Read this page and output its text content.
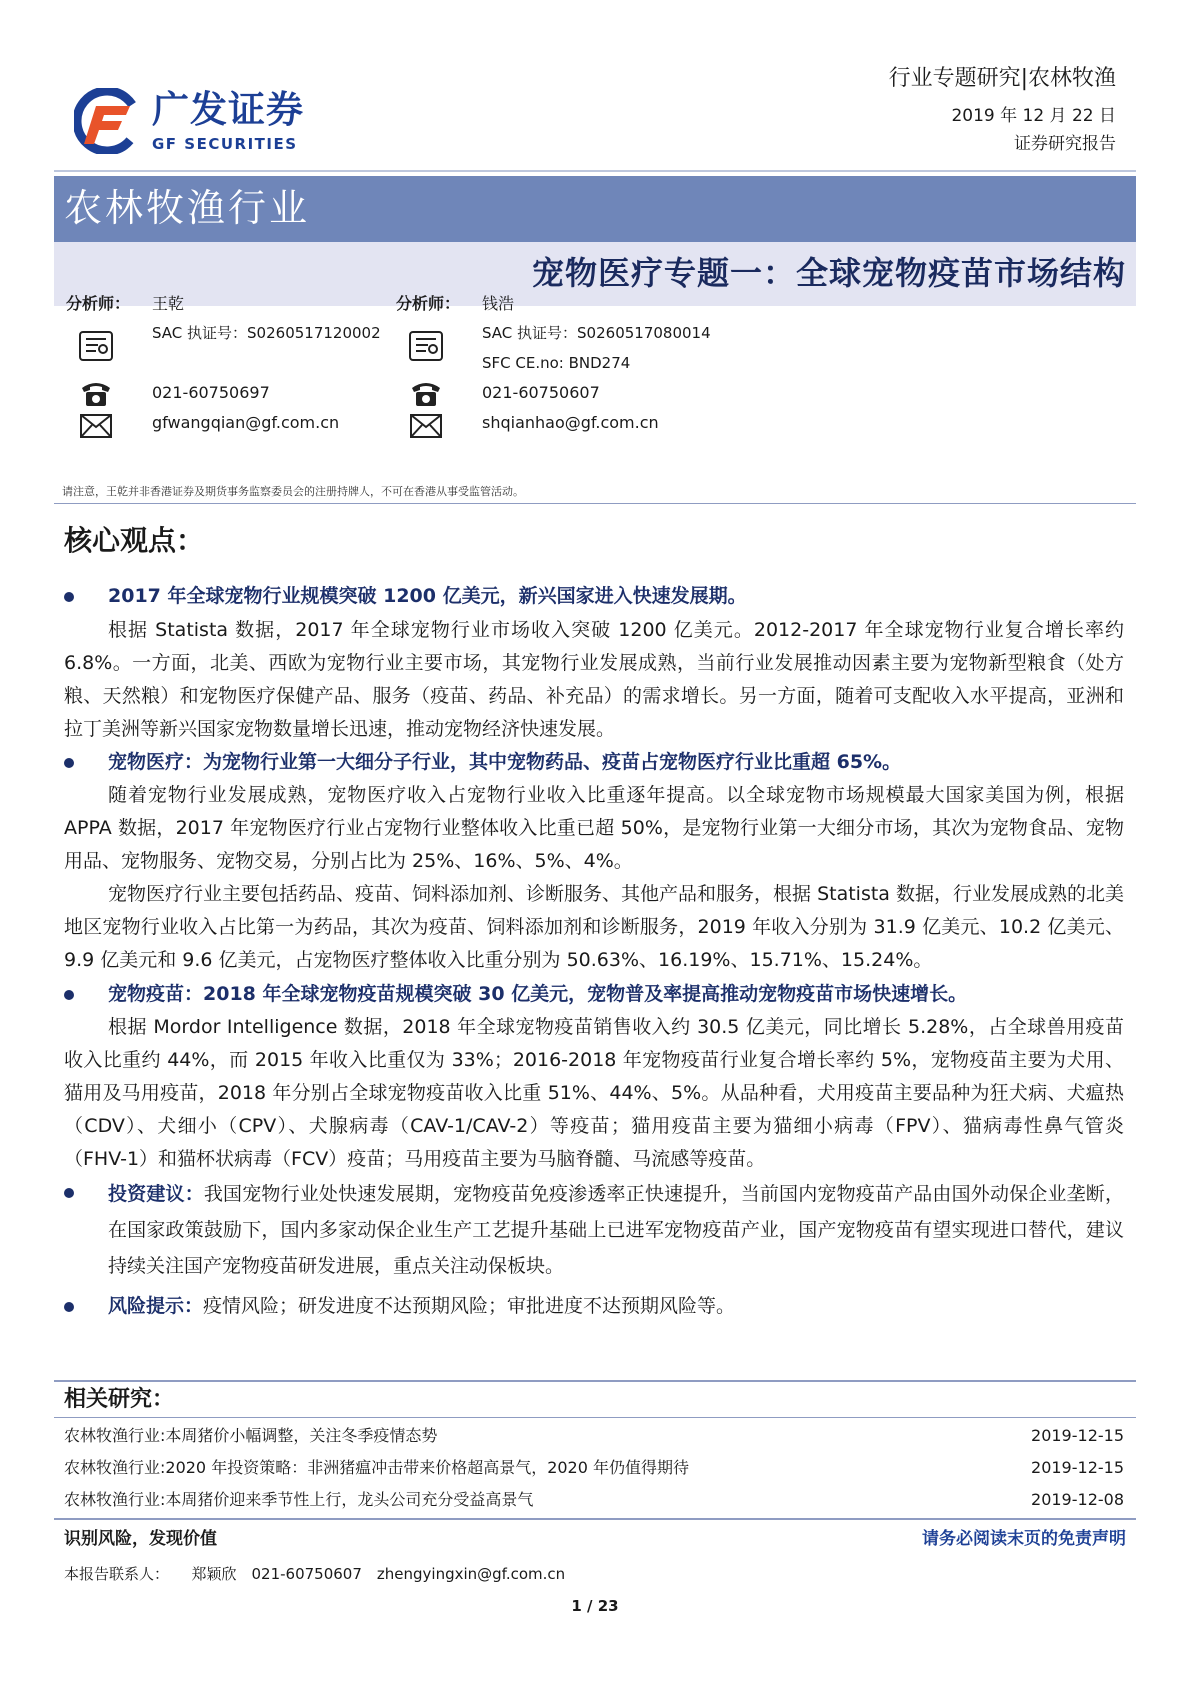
广发证券
GF SECURITIES
行业专题研究|农林牧渔
2019 年 12 月 22 日
证券研究报告
农林牧渔行业
宠物医疗专题一：全球宠物疫苗市场结构
分析师： 王乾
SAC 执证号：S0260517120002
021-60750697
gfwangqian@gf.com.cn
分析师： 钱浩
SAC 执证号：S0260517080014
SFC CE.no: BND274
021-60750607
shqianhao@gf.com.cn
请注意，王乾并非香港证券及期货事务监察委员会的注册持牌人，不可在香港从事受监管活动。
核心观点：
2017 年全球宠物行业规模突破 1200 亿美元，新兴国家进入快速发展期。
根据 Statista 数据，2017 年全球宠物行业市场收入突破 1200 亿美元。2012-2017 年全球宠物行业复合增长率约 6.8%。一方面，北美、西欧为宠物行业主要市场，其宠物行业发展成熟，当前行业发展推动因素主要为宠物新型粮食（处方粮、天然粮）和宠物医疗保健产品、服务（疫苗、药品、补充品）的需求增长。另一方面，随着可支配收入水平提高，亚洲和拉丁美洲等新兴国家宠物数量增长迅速，推动宠物经济快速发展。
宠物医疗：为宠物行业第一大细分子行业，其中宠物药品、疫苗占宠物医疗行业比重超 65%。
随着宠物行业发展成熟，宠物医疗收入占宠物行业收入比重逐年提高。以全球宠物市场规模最大国家美国为例，根据 APPA 数据，2017 年宠物医疗行业占宠物行业整体收入比重已超 50%，是宠物行业第一大细分市场，其次为宠物食品、宠物用品、宠物服务、宠物交易，分别占比为 25%、16%、5%、4%。
宠物医疗行业主要包括药品、疫苗、饲料添加剂、诊断服务、其他产品和服务，根据 Statista 数据，行业发展成熟的北美地区宠物行业收入占比第一为药品，其次为疫苗、饲料添加剂和诊断服务，2019 年收入分别为 31.9 亿美元、10.2 亿美元、9.9 亿美元和 9.6 亿美元，占宠物医疗整体收入比重分别为 50.63%、16.19%、15.71%、15.24%。
宠物疫苗：2018 年全球宠物疫苗规模突破 30 亿美元，宠物普及率提高推动宠物疫苗市场快速增长。
根据 Mordor Intelligence 数据，2018 年全球宠物疫苗销售收入约 30.5 亿美元，同比增长 5.28%，占全球兽用疫苗收入比重约 44%，而 2015 年收入比重仅为 33%；2016-2018 年宠物疫苗行业复合增长率约 5%，宠物疫苗主要为犬用、猫用及马用疫苗，2018 年分别占全球宠物疫苗收入比重 51%、44%、5%。从品种看，犬用疫苗主要品种为狂犬病、犬瘟热（CDV）、犬细小（CPV）、犬腺病毒（CAV-1/CAV-2）等疫苗；猫用疫苗主要为猫细小病毒（FPV）、猫病毒性鼻气管炎（FHV-1）和猫杯状病毒（FCV）疫苗；马用疫苗主要为马脑脊髓、马流感等疫苗。
投资建议：我国宠物行业处快速发展期，宠物疫苗免疫渗透率正快速提升，当前国内宠物疫苗产品由国外动保企业垄断，在国家政策鼓励下，国内多家动保企业生产工艺提升基础上已进军宠物疫苗产业，国产宠物疫苗有望实现进口替代，建议持续关注国产宠物疫苗研发进展，重点关注动保板块。
风险提示：疫情风险；研发进度不达预期风险；审批进度不达预期风险等。
相关研究：
农林牧渔行业:本周猪价小幅调整，关注冬季疫情态势	2019-12-15
农林牧渔行业:2020 年投资策略：非洲猪瘟冲击带来价格超高景气，2020 年仍值得期待	2019-12-15
农林牧渔行业:本周猪价迎来季节性上行，龙头公司充分受益高景气	2019-12-08
识别风险，发现价值	请务必阅读末页的免责声明
本报告联系人：　　郑颖欣　021-60750607　zhengyingxin@gf.com.cn
1 / 23
